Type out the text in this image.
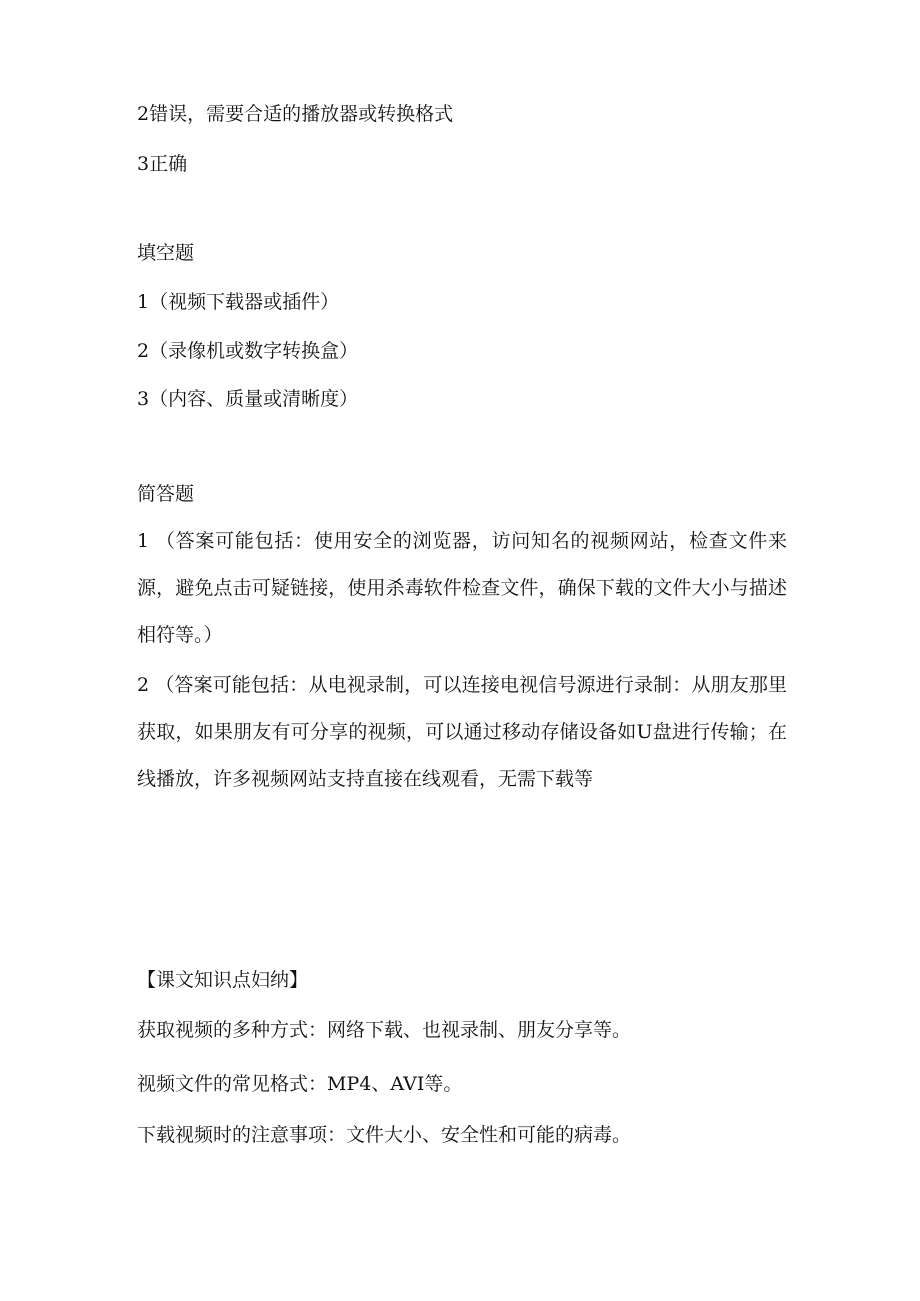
2错误，需要合适的播放器或转换格式

3正确

填空题

1（视频下载器或插件）

2（录像机或数字转换盒）

3（内容、质量或清晰度）

简答题

1 （答案可能包括：使用安全的浏览器，访问知名的视频网站，检查文件来源，避免点击可疑链接，使用杀毒软件检查文件，确保下载的文件大小与描述相符等。）

2 （答案可能包括：从电视录制，可以连接电视信号源进行录制：从朋友那里获取，如果朋友有可分享的视频，可以通过移动存储设备如U盘进行传输；在线播放，许多视频网站支持直接在线观看，无需下载等

【课文知识点妇纳】

获取视频的多种方式：网络下载、也视录制、朋友分享等。

视频文件的常见格式：MP4、AVI等。

下载视频时的注意事项：文件大小、安全性和可能的病毒。
